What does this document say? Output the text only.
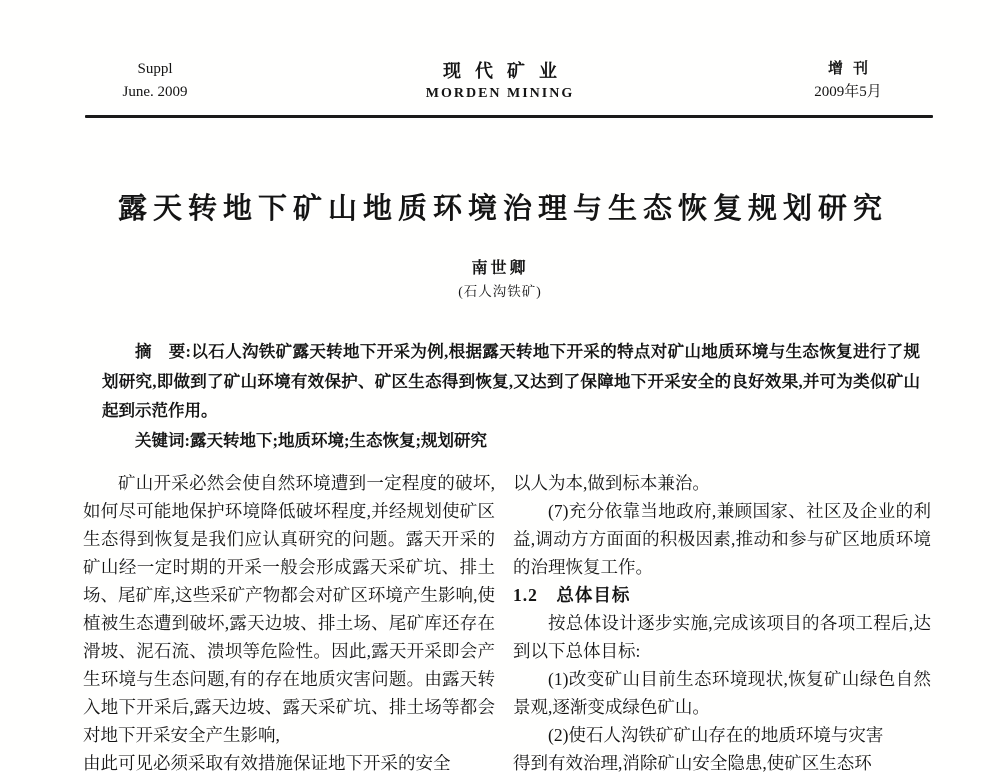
Suppl
June. 2009
现代矿业
MORDEN MINING
增刊
2009年5月
露天转地下矿山地质环境治理与生态恢复规划研究
南世卿
(石人沟铁矿)

摘　要:以石人沟铁矿露天转地下开采为例,根据露天转地下开采的特点对矿山地质环境与生态恢复进行了规划研究,即做到了矿山环境有效保护、矿区生态得到恢复,又达到了保障地下开采安全的良好效果,并可为类似矿山起到示范作用。

关键词:露天转地下;地质环境;生态恢复;规划研究

矿山开采必然会使自然环境遭到一定程度的破坏,如何尽可能地保护环境降低破坏程度,并经规划使矿区生态得到恢复是我们应认真研究的问题。露天开采的矿山经一定时期的开采一般会形成露天采矿坑、排土场、尾矿库,这些采矿产物都会对矿区环境产生影响,使植被生态遭到破坏,露天边坡、排土场、尾矿库还存在滑坡、泥石流、溃坝等危险性。因此,露天开采即会产生环境与生态问题,有的存在地质灾害问题。由露天转入地下开采后,露天边坡、露天采矿坑、排土场等都会对地下开采安全产生影响,

由此可见必须采取有效措施保证地下开采的安全

以人为本,做到标本兼治。

(7)充分依靠当地政府,兼顾国家、社区及企业的利益,调动方方面面的积极因素,推动和参与矿区地质环境的治理恢复工作。

1.2　总体目标

按总体设计逐步实施,完成该项目的各项工程后,达到以下总体目标:

(1)改变矿山目前生态环境现状,恢复矿山绿色自然景观,逐渐变成绿色矿山。

(2)使石人沟铁矿矿山存在的地质环境与灾害

得到有效治理,消除矿山安全隐患,使矿区生态环
